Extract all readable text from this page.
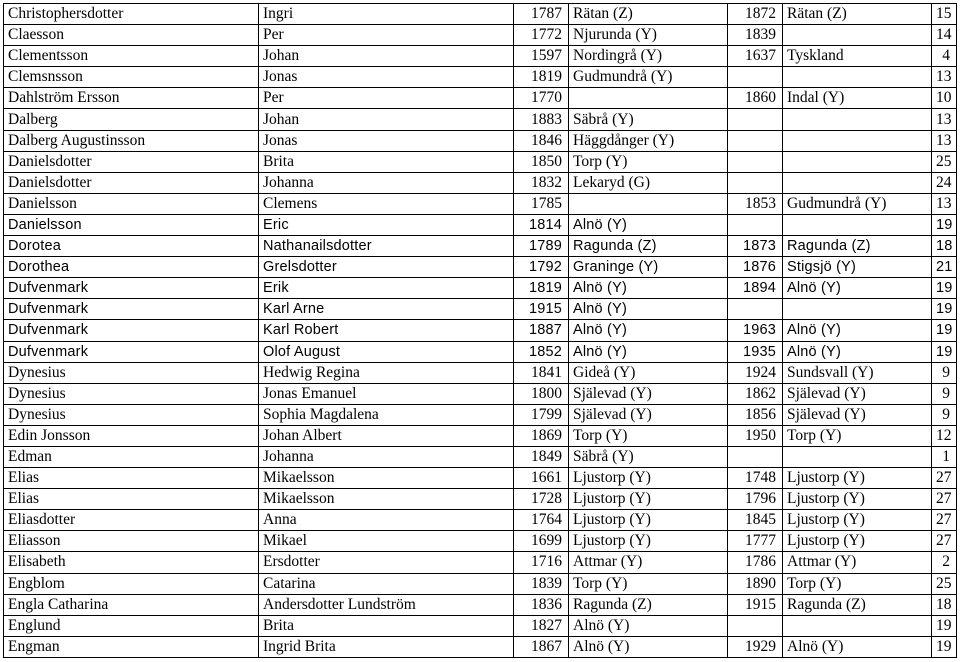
Christophersdotter	Ingri	1787	Rätan (Z)	1872	Rätan (Z)	15
Claesson	Per	1772	Njurunda (Y)	1839		14
Clementsson	Johan	1597	Nordingrå (Y)	1637	Tyskland	4
Clemsnsson	Jonas	1819	Gudmundrå (Y)			13
Dahlström Ersson	Per	1770		1860	Indal (Y)	10
Dalberg	Johan	1883	Säbrå (Y)			13
Dalberg Augustinsson	Jonas	1846	Häggdånger (Y)			13
Danielsdotter	Brita	1850	Torp (Y)			25
Danielsdotter	Johanna	1832	Lekaryd (G)			24
Danielsson	Clemens	1785		1853	Gudmundrå (Y)	13
Danielsson	Eric	1814	Alnö (Y)			19
Dorotea	Nathanailsdotter	1789	Ragunda (Z)	1873	Ragunda (Z)	18
Dorothea	Grelsdotter	1792	Graninge (Y)	1876	Stigsjö (Y)	21
Dufvenmark	Erik	1819	Alnö (Y)	1894	Alnö (Y)	19
Dufvenmark	Karl Arne	1915	Alnö (Y)			19
Dufvenmark	Karl Robert	1887	Alnö (Y)	1963	Alnö (Y)	19
Dufvenmark	Olof August	1852	Alnö (Y)	1935	Alnö (Y)	19
Dynesius	Hedwig Regina	1841	Gideå (Y)	1924	Sundsvall (Y)	9
Dynesius	Jonas Emanuel	1800	Själevad (Y)	1862	Själevad (Y)	9
Dynesius	Sophia Magdalena	1799	Själevad (Y)	1856	Själevad (Y)	9
Edin Jonsson	Johan Albert	1869	Torp (Y)	1950	Torp (Y)	12
Edman	Johanna	1849	Säbrå (Y)			1
Elias	Mikaelsson	1661	Ljustorp (Y)	1748	Ljustorp (Y)	27
Elias	Mikaelsson	1728	Ljustorp (Y)	1796	Ljustorp (Y)	27
Eliasdotter	Anna	1764	Ljustorp (Y)	1845	Ljustorp (Y)	27
Eliasson	Mikael	1699	Ljustorp (Y)	1777	Ljustorp (Y)	27
Elisabeth	Ersdotter	1716	Attmar (Y)	1786	Attmar (Y)	2
Engblom	Catarina	1839	Torp (Y)	1890	Torp (Y)	25
Engla Catharina	Andersdotter Lundström	1836	Ragunda (Z)	1915	Ragunda (Z)	18
Englund	Brita	1827	Alnö (Y)			19
Engman	Ingrid Brita	1867	Alnö (Y)	1929	Alnö (Y)	19
